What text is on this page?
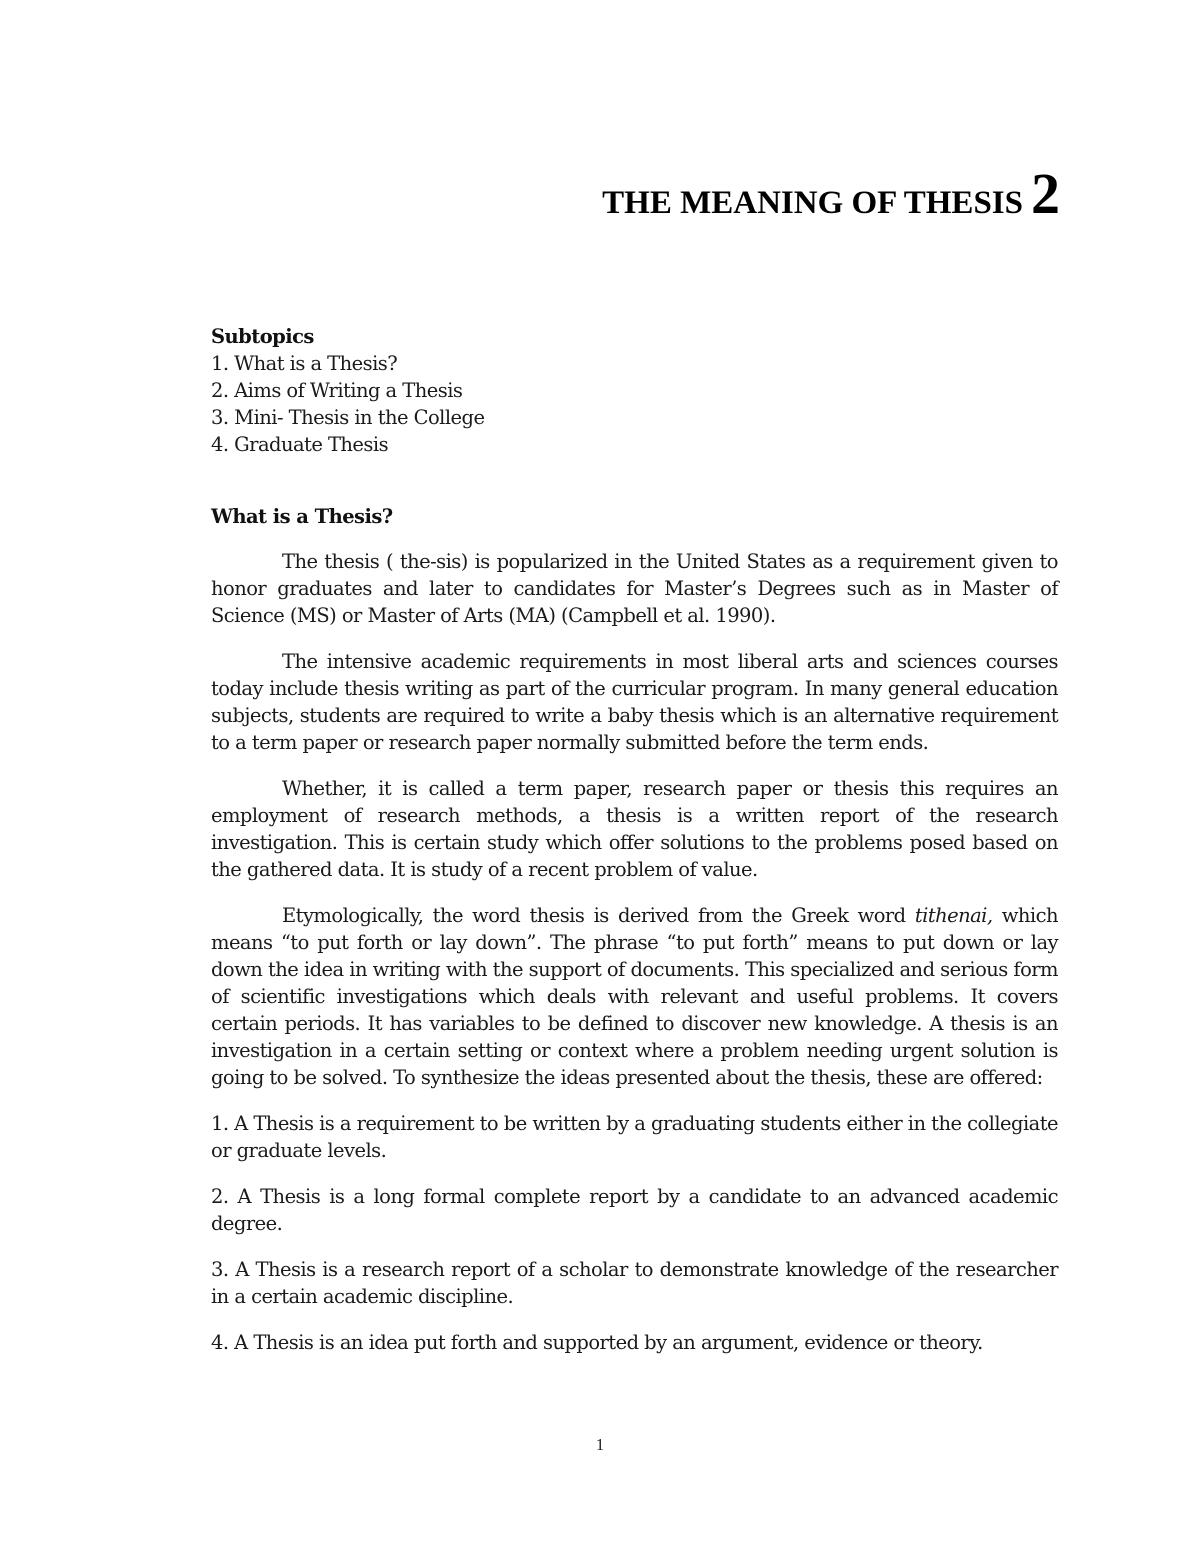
THE MEANING OF THESIS 2

Subtopics

1. What is a Thesis?
2. Aims of Writing a Thesis
3. Mini- Thesis in the College
4. Graduate Thesis

What is a Thesis?

The thesis ( the-sis) is popularized in the United States as a requirement given to honor graduates and later to candidates for Master’s Degrees such as in Master of Science (MS) or Master of Arts (MA) (Campbell et al. 1990).

The intensive academic requirements in most liberal arts and sciences courses today include thesis writing as part of the curricular program. In many general education subjects, students are required to write a baby thesis which is an alternative requirement to a term paper or research paper normally submitted before the term ends.

Whether, it is called a term paper, research paper or thesis this requires an employment of research methods, a thesis is a written report of the research investigation. This is certain study which offer solutions to the problems posed based on the gathered data. It is study of a recent problem of value.

Etymologically, the word thesis is derived from the Greek word tithenai, which means “to put forth or lay down”. The phrase “to put forth” means to put down or lay down the idea in writing with the support of documents. This specialized and serious form of scientific investigations which deals with relevant and useful problems. It covers certain periods. It has variables to be defined to discover new knowledge. A thesis is an investigation in a certain setting or context where a problem needing urgent solution is going to be solved. To synthesize the ideas presented about the thesis, these are offered:

1. A Thesis is a requirement to be written by a graduating students either in the collegiate or graduate levels.

2. A Thesis is a long formal complete report by a candidate to an advanced academic degree.

3. A Thesis is a research report of a scholar to demonstrate knowledge of the researcher in a certain academic discipline.

4. A Thesis is an idea put forth and supported by an argument, evidence or theory.

1
